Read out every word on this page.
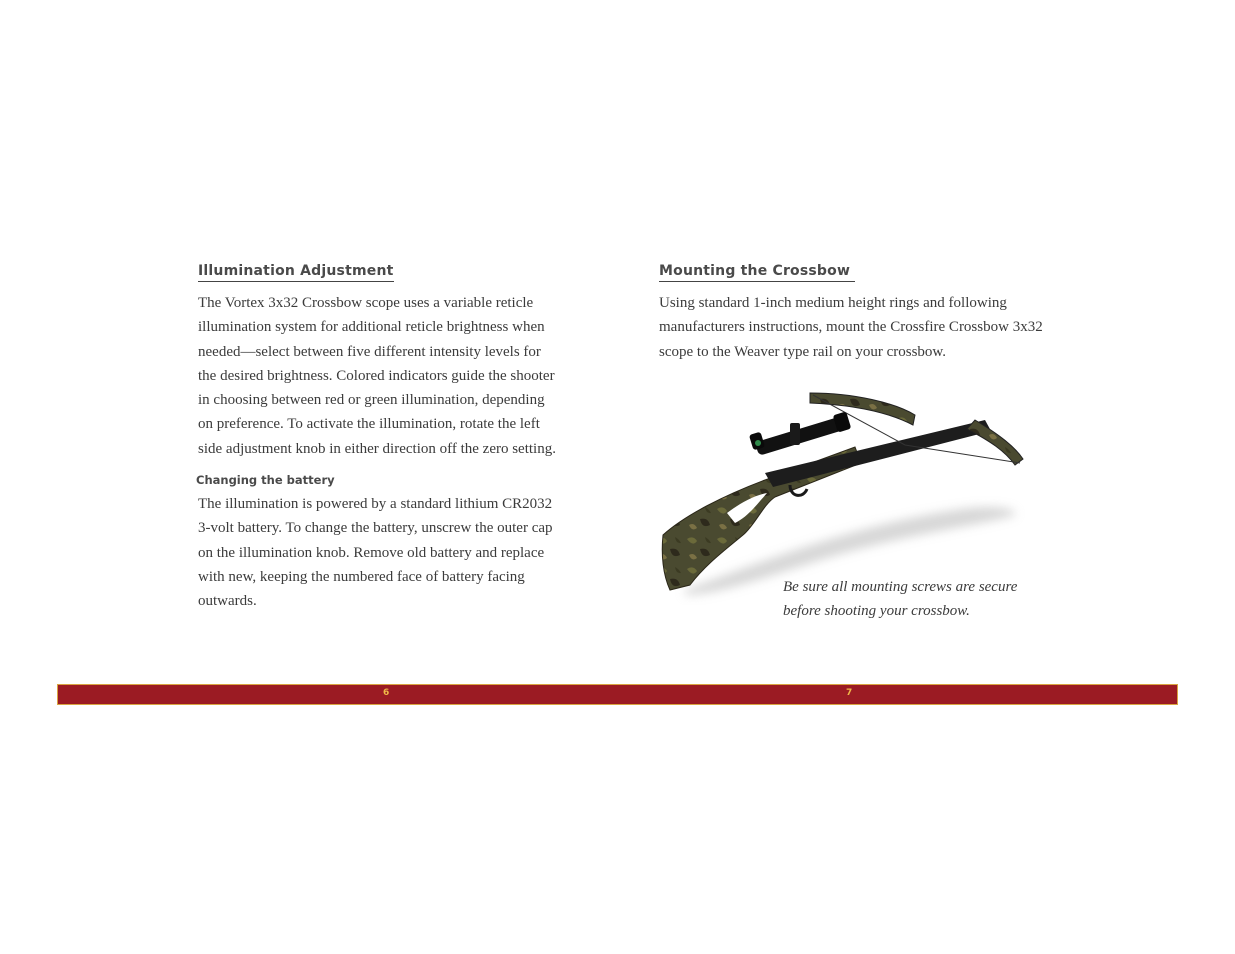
Illumination Adjustment
The Vortex 3x32 Crossbow scope uses a variable reticle
illumination system for additional reticle brightness when
needed—select between five different intensity levels for
the desired brightness. Colored indicators guide the shooter
in choosing between red or green illumination, depending
on preference. To activate the illumination, rotate the left
side adjustment knob in either direction off the zero setting.
Changing the battery
The illumination is powered by a standard lithium CR2032
3-volt battery. To change the battery, unscrew the outer cap
on the illumination knob. Remove old battery and replace
with new, keeping the numbered face of battery facing
outwards.
Mounting the Crossbow
Using standard 1-inch medium height rings and following
manufacturers instructions, mount the Crossfire Crossbow 3x32
scope to the Weaver type rail on your crossbow.
Be sure all mounting screws are secure
before shooting your crossbow.
6	7
